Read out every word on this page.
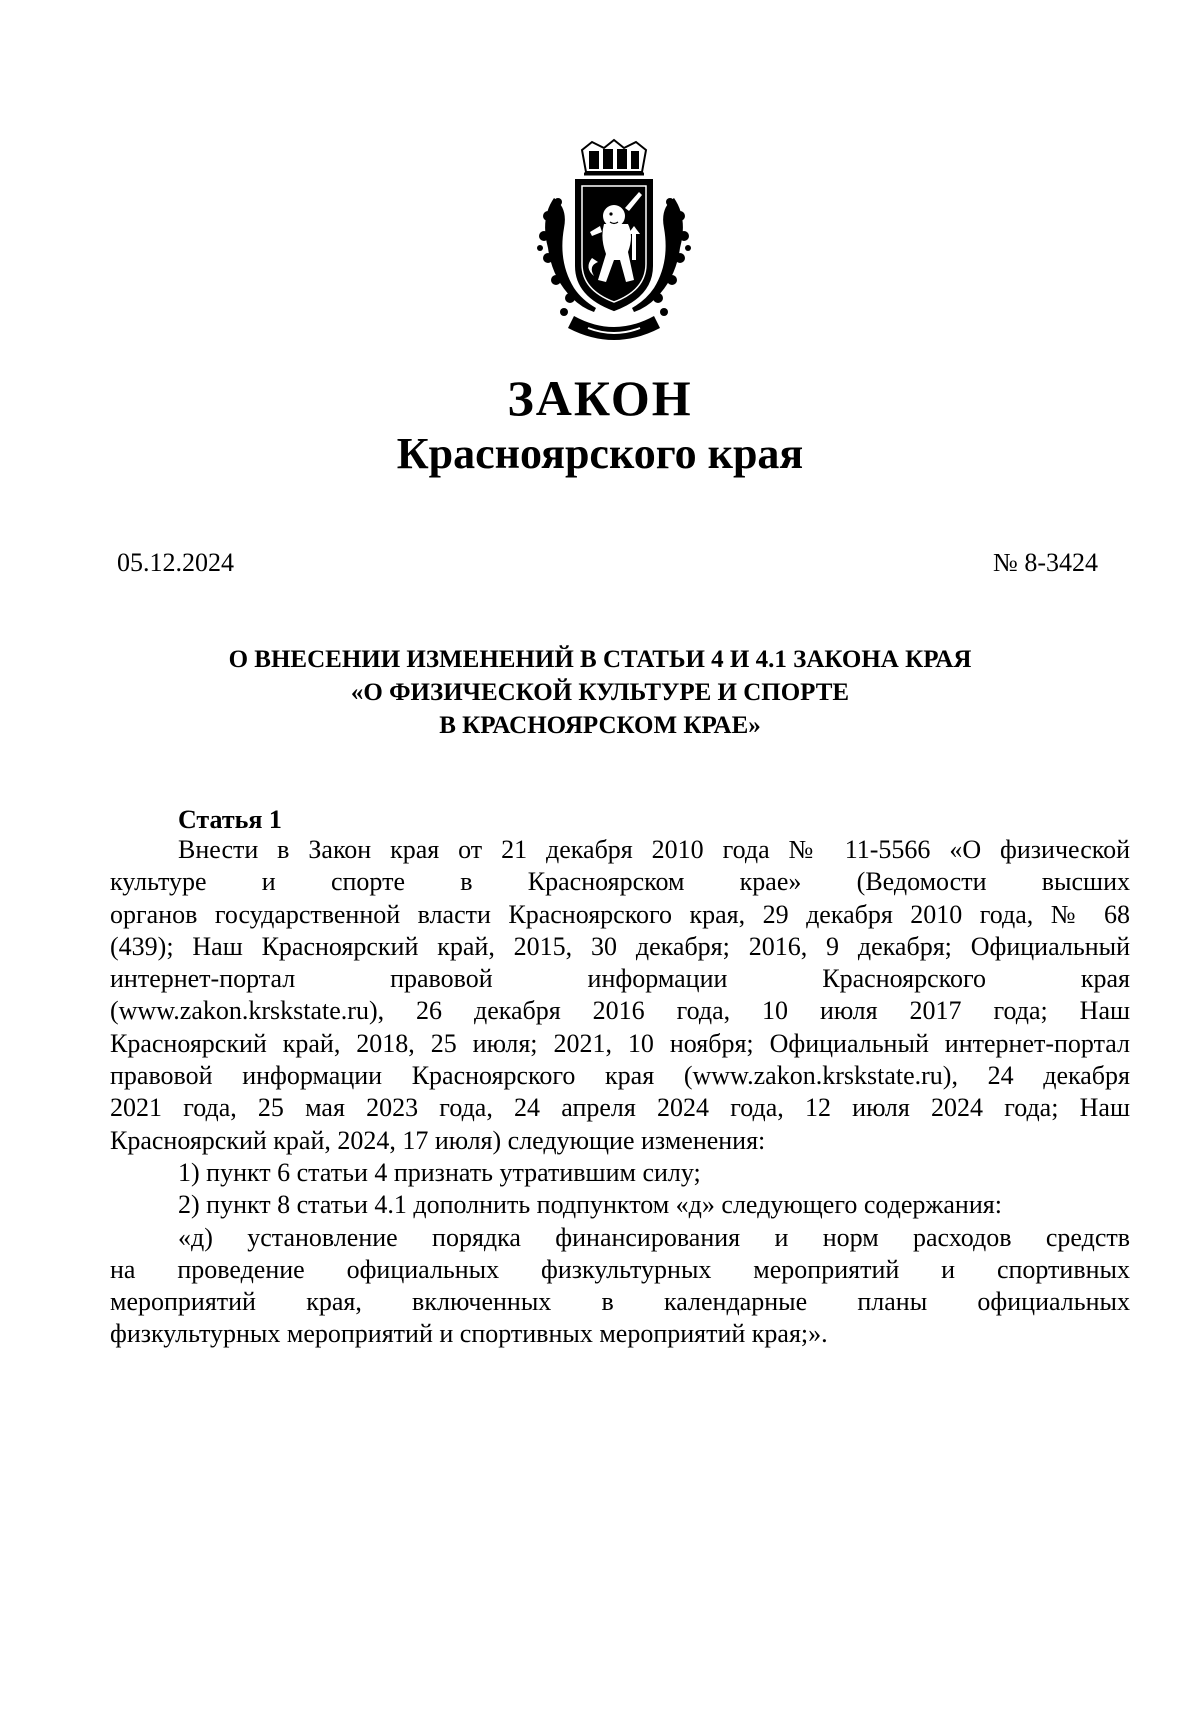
ЗАКОН
Красноярского края
05.12.2024	№ 8-3424
О ВНЕСЕНИИ ИЗМЕНЕНИЙ В СТАТЬИ 4 И 4.1 ЗАКОНА КРАЯ
«О ФИЗИЧЕСКОЙ КУЛЬТУРЕ И СПОРТЕ
В КРАСНОЯРСКОМ КРАЕ»
Статья 1
Внести в Закон края от 21 декабря 2010 года № 11-5566 «О физической
культуре и спорте в Красноярском крае» (Ведомости высших
органов государственной власти Красноярского края, 29 декабря 2010 года, № 68
(439); Наш Красноярский край, 2015, 30 декабря; 2016, 9 декабря; Официальный
интернет-портал правовой информации Красноярского края
(www.zakon.krskstate.ru), 26 декабря 2016 года, 10 июля 2017 года; Наш
Красноярский край, 2018, 25 июля; 2021, 10 ноября; Официальный интернет-портал
правовой информации Красноярского края (www.zakon.krskstate.ru), 24 декабря
2021 года, 25 мая 2023 года, 24 апреля 2024 года, 12 июля 2024 года; Наш
Красноярский край, 2024, 17 июля) следующие изменения:
1) пункт 6 статьи 4 признать утратившим силу;
2) пункт 8 статьи 4.1 дополнить подпунктом «д» следующего содержания:
«д) установление порядка финансирования и норм расходов средств
на проведение официальных физкультурных мероприятий и спортивных
мероприятий края, включенных в календарные планы официальных
физкультурных мероприятий и спортивных мероприятий края;».
